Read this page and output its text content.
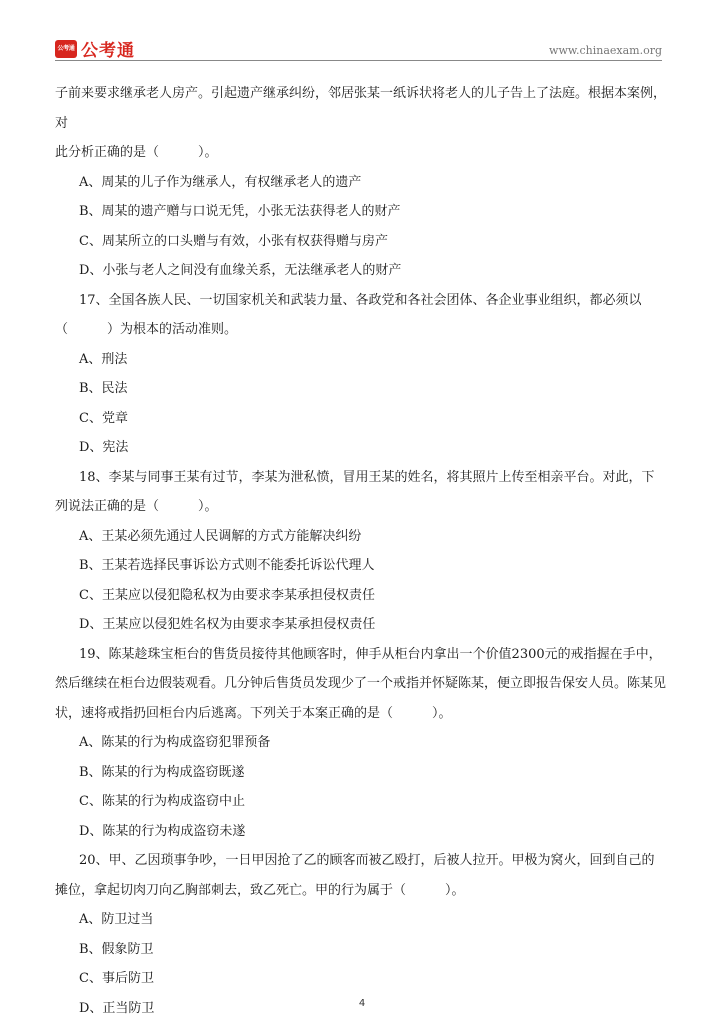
公考通 公考通	www.chinaexam.org

子前来要求继承老人房产。引起遗产继承纠纷，邻居张某一纸诉状将老人的儿子告上了法庭。根据本案例，对

此分析正确的是（　　　）。

A、周某的儿子作为继承人，有权继承老人的遗产

B、周某的遗产赠与口说无凭，小张无法获得老人的财产

C、周某所立的口头赠与有效，小张有权获得赠与房产

D、小张与老人之间没有血缘关系，无法继承老人的财产

17、全国各族人民、一切国家机关和武装力量、各政党和各社会团体、各企业事业组织，都必须以（　　　）为根本的活动准则。

A、刑法

B、民法

C、党章

D、宪法

18、李某与同事王某有过节，李某为泄私愤，冒用王某的姓名，将其照片上传至相亲平台。对此，下列说法正确的是（　　　）。

A、王某必须先通过人民调解的方式方能解决纠纷

B、王某若选择民事诉讼方式则不能委托诉讼代理人

C、王某应以侵犯隐私权为由要求李某承担侵权责任

D、王某应以侵犯姓名权为由要求李某承担侵权责任

19、陈某趁珠宝柜台的售货员接待其他顾客时，伸手从柜台内拿出一个价值2300元的戒指握在手中，然后继续在柜台边假装观看。几分钟后售货员发现少了一个戒指并怀疑陈某，便立即报告保安人员。陈某见状，速将戒指扔回柜台内后逃离。下列关于本案正确的是（　　　）。

A、陈某的行为构成盗窃犯罪预备

B、陈某的行为构成盗窃既遂

C、陈某的行为构成盗窃中止

D、陈某的行为构成盗窃未遂

20、甲、乙因琐事争吵，一日甲因抢了乙的顾客而被乙殴打，后被人拉开。甲极为窝火，回到自己的摊位，拿起切肉刀向乙胸部刺去，致乙死亡。甲的行为属于（　　　）。

A、防卫过当

B、假象防卫

C、事后防卫

D、正当防卫	4
